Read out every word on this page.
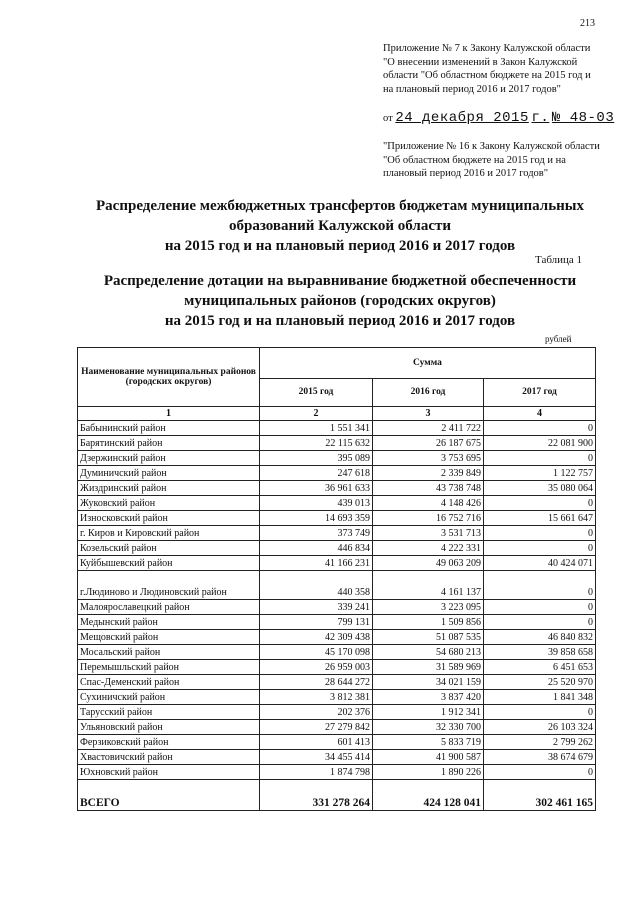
213
Приложение № 7 к Закону Калужской области "О внесении изменений в Закон Калужской области "Об областном бюджете на 2015 год и на плановый период 2016 и 2017 годов"
от 24 декабря 2015 г. № 48-03
"Приложение № 16 к Закону Калужской области "Об областном бюджете на 2015 год и на плановый период 2016 и 2017 годов"
Распределение межбюджетных трансфертов бюджетам муниципальных
образований Калужской области
на 2015 год и на плановый период 2016 и 2017 годов
Таблица 1
Распределение дотации на выравнивание бюджетной обеспеченности
муниципальных районов (городских округов)
на 2015 год и на плановый период 2016 и 2017 годов
рублей
Наименование муниципальных районов (городских округов)	Сумма		
	2015 год	2016 год	2017 год
1	2	3	4
Бабынинский район	1 551 341	2 411 722	0
Барятинский район	22 115 632	26 187 675	22 081 900
Дзержинский район	395 089	3 753 695	0
Думиничский район	247 618	2 339 849	1 122 757
Жиздринский район	36 961 633	43 738 748	35 080 064
Жуковский район	439 013	4 148 426	0
Износковский район	14 693 359	16 752 716	15 661 647
г. Киров и Кировский район	373 749	3 531 713	0
Козельский район	446 834	4 222 331	0
Куйбышевский район	41 166 231	49 063 209	40 424 071
г.Людиново и Людиновский район	440 358	4 161 137	0
Малоярославецкий район	339 241	3 223 095	0
Медынский район	799 131	1 509 856	0
Мещовский район	42 309 438	51 087 535	46 840 832
Мосальский район	45 170 098	54 680 213	39 858 658
Перемышльский район	26 959 003	31 589 969	6 451 653
Спас-Деменский район	28 644 272	34 021 159	25 520 970
Сухиничский район	3 812 381	3 837 420	1 841 348
Тарусский район	202 376	1 912 341	0
Ульяновский район	27 279 842	32 330 700	26 103 324
Ферзиковский район	601 413	5 833 719	2 799 262
Хвастовичский район	34 455 414	41 900 587	38 674 679
Юхновский район	1 874 798	1 890 226	0
ВСЕГО	331 278 264	424 128 041	302 461 165
